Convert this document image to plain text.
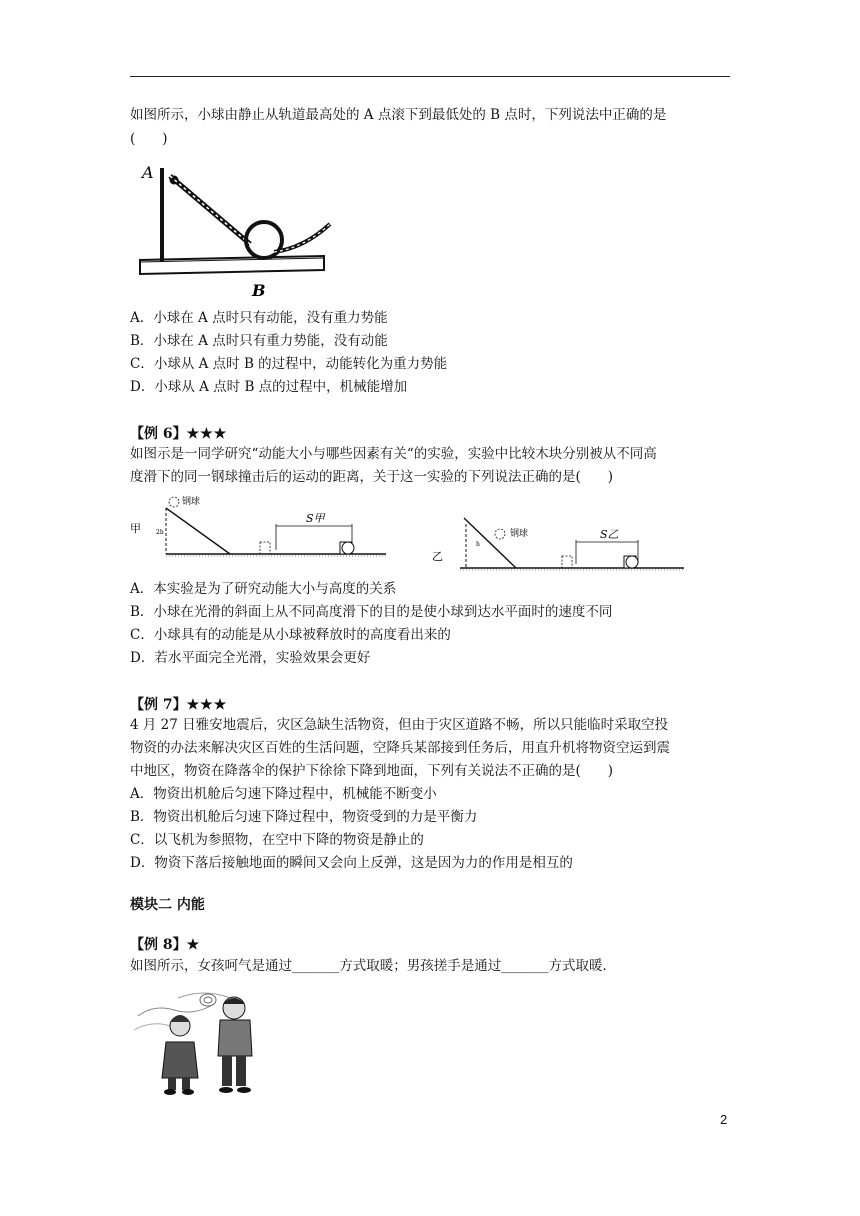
如图所示，小球由静止从轨道最高处的 A 点滚下到最低处的 B 点时，下列说法中正确的是
(　　)
A
B
A．小球在 A 点时只有动能，没有重力势能
B．小球在 A 点时只有重力势能，没有动能
C．小球从 A 点时 B 的过程中，动能转化为重力势能
D．小球从 A 点时 B 点的过程中，机械能增加
【例 6】★★★
如图示是一同学研究“动能大小与哪些因素有关“的实验，实验中比较木块分别被从不同高
度滑下的同一钢球撞击后的运动的距离，关于这一实验的下列说法正确的是(　　)
甲	2h
钢球
S甲
乙
h
钢球	S乙
A．本实验是为了研究动能大小与高度的关系
B．小球在光滑的斜面上从不同高度滑下的目的是使小球到达水平面时的速度不同
C．小球具有的动能是从小球被释放时的高度看出来的
D．若水平面完全光滑，实验效果会更好
【例 7】★★★
4 月 27 日雅安地震后，灾区急缺生活物资，但由于灾区道路不畅，所以只能临时采取空投
物资的办法来解决灾区百姓的生活问题，空降兵某部接到任务后，用直升机将物资空运到震
中地区，物资在降落伞的保护下徐徐下降到地面，下列有关说法不正确的是(　　)
A．物资出机舱后匀速下降过程中，机械能不断变小
B．物资出机舱后匀速下降过程中，物资受到的力是平衡力
C．以飞机为参照物，在空中下降的物资是静止的
D．物资下落后接触地面的瞬间又会向上反弹，这是因为力的作用是相互的
模块二 内能
【例 8】★
如图所示，女孩呵气是通过_______方式取暖；男孩搓手是通过_______方式取暖．
2
